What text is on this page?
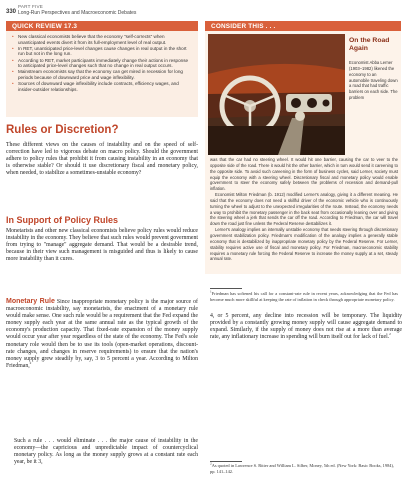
PART FIVE
330 Long-Run Perspectives and Macroeconomic Debates
QUICK REVIEW 17.3
• New classical economists believe that the economy "self-corrects" when unanticipated events divert it from its full-employment level of real output.
• In RET, unanticipated price-level changes cause changes in real output in the short run but not in the long run.
• According to RET, market participants immediately change their actions in response to anticipated price-level changes such that no change in real output occurs.
• Mainstream economists say that the economy can get mired in recession for long periods because of downward price and wage inflexibility.
• Sources of downward wage inflexibility include contracts, efficiency wages, and insider-outsider relationships.
CONSIDER THIS . . .
On the Road Again
Economist Abba Lerner (1903–1982) likened the economy to an automobile traveling down a road that had traffic barriers on each side. The problem

was that the car had no steering wheel. It would hit one barrier, causing the car to veer to the opposite side of the road. There it would hit the other barrier, which in turn would send it careening to the opposite side. To avoid such careening in the form of business cycles, said Lerner, society must equip the economy with a steering wheel. Discretionary fiscal and monetary policy would enable government to steer the economy safely between the problems of recession and demand-pull inflation.

Economist Milton Friedman (b. 1912) modified Lerner's analogy, giving it a different meaning. He said that the economy does not need a skillful driver of the economic vehicle who is continuously turning the wheel to adjust to the unexpected irregularities of the route. Instead, the economy needs a way to prohibit the monetary passenger in the back seat from occasionally leaning over and giving the steering wheel a jerk that sends the car off the road. According to Friedman, the car will travel down the road just fine unless the Federal Reserve destabilizes it.

Lerner's analogy implies an internally unstable economy that needs steering through discretionary government stabilization policy. Friedman's modification of the analogy implies a generally stable economy that is destabilized by inappropriate monetary policy by the Federal Reserve. For Lerner, stability requires active use of fiscal and monetary policy. For Friedman, macroeconomic stability requires a monetary rule forcing the Federal Reserve to increase the money supply at a set, steady annual rate.

Rules or Discretion?

These different views on the causes of instability and on the speed of self-correction have led to vigorous debate on macro policy. Should the government adhere to policy rules that prohibit it from causing instability in an economy that is otherwise stable? Or should it use discretionary fiscal and monetary policy, when needed, to stabilize a sometimes-unstable economy?

In Support of Policy Rules

Monetarists and other new classical economists believe policy rules would reduce instability in the economy. They believe that such rules would prevent government from trying to "manage" aggregate demand. That would be a desirable trend, because in their view such management is misguided and thus is likely to cause more instability than it cures.

Monetary Rule Since inappropriate monetary policy is the major source of macroeconomic instability, say monetarists, the enactment of a monetary rule would make sense. One such rule would be a requirement that the Fed expand the money supply each year at the same annual rate as the typical growth of the economy's production capacity. That fixed-rate expansion of the money supply would occur year after year regardless of the state of the economy. The Fed's sole monetary role would then be to use its tools (open-market operations, discount-rate changes, and changes in reserve requirements) to ensure that the nation's money supply grew steadily by, say, 3 to 5 percent a year. According to Milton Friedman,$^2$

Such a rule . . . would eliminate . . . the major cause of instability in the economy—the capricious and unpredictable impact of countercyclical monetary policy. As long as the money supply grows at a constant rate each year, be it 3,

$^1$Friedman has softened his call for a constant-rate rule in recent years, acknowledging that the Fed has become much more skillful at keeping the rate of inflation in check through appropriate monetary policy.

4, or 5 percent, any decline into recession will be temporary. The liquidity provided by a constantly growing money supply will cause aggregate demand to expand. Similarly, if the supply of money does not rise at a more than average rate, any inflationary increase in spending will burn itself out for lack of fuel.$^2$

$^2$As quoted in Lawrence S. Ritter and William L. Silber, Money, 5th ed. (New York: Basic Books, 1984), pp. 141–142.
